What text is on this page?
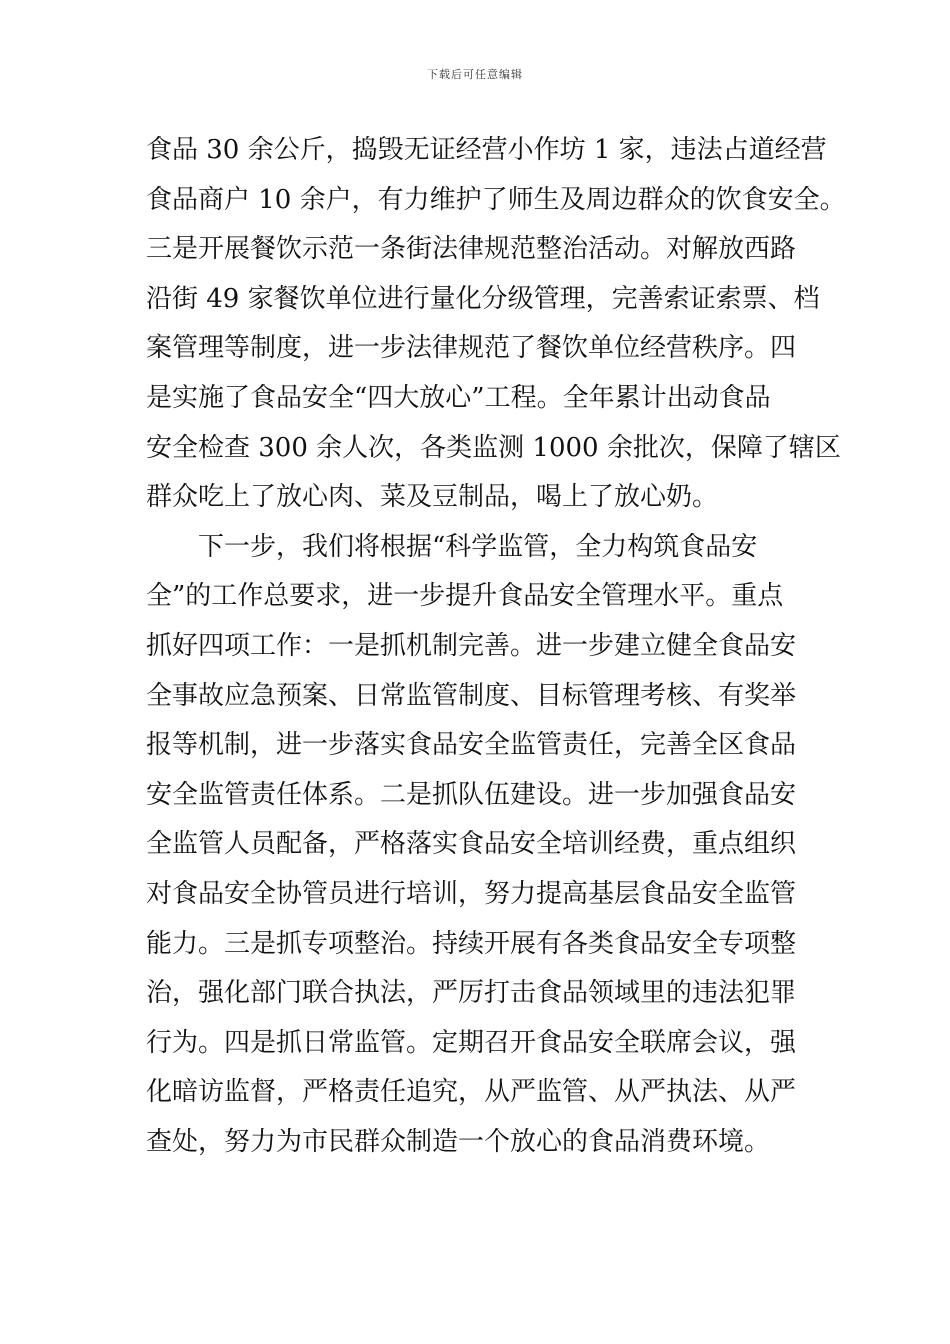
下载后可任意编辑
食品 30 余公斤，捣毁无证经营小作坊 1 家，违法占道经营
食品商户 10 余户，有力维护了师生及周边群众的饮食安全。
三是开展餐饮示范一条街法律规范整治活动。对解放西路
沿街 49 家餐饮单位进行量化分级管理，完善索证索票、档
案管理等制度，进一步法律规范了餐饮单位经营秩序。四
是实施了食品安全“四大放心”工程。全年累计出动食品
安全检查 300 余人次，各类监测 1000 余批次，保障了辖区
群众吃上了放心肉、菜及豆制品，喝上了放心奶。
　　下一步，我们将根据“科学监管，全力构筑食品安
全”的工作总要求，进一步提升食品安全管理水平。重点
抓好四项工作：一是抓机制完善。进一步建立健全食品安
全事故应急预案、日常监管制度、目标管理考核、有奖举
报等机制，进一步落实食品安全监管责任，完善全区食品
安全监管责任体系。二是抓队伍建设。进一步加强食品安
全监管人员配备，严格落实食品安全培训经费，重点组织
对食品安全协管员进行培训，努力提高基层食品安全监管
能力。三是抓专项整治。持续开展有各类食品安全专项整
治，强化部门联合执法，严厉打击食品领域里的违法犯罪
行为。四是抓日常监管。定期召开食品安全联席会议，强
化暗访监督，严格责任追究，从严监管、从严执法、从严
查处，努力为市民群众制造一个放心的食品消费环境。
